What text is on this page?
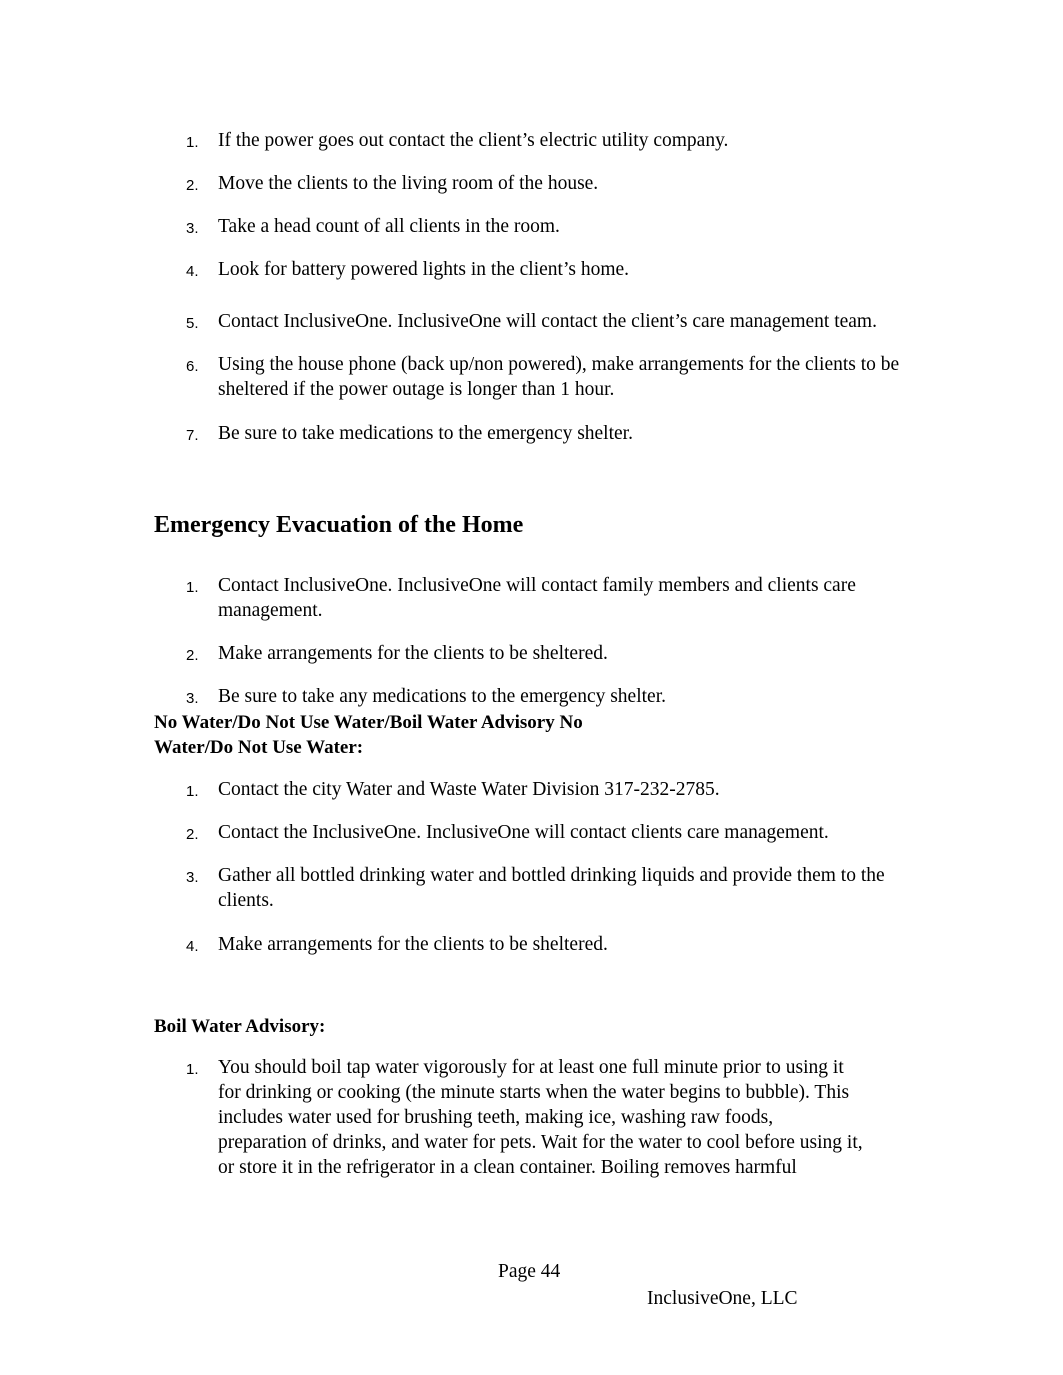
1. If the power goes out contact the client’s electric utility company.
2. Move the clients to the living room of the house.
3. Take a head count of all clients in the room.
4. Look for battery powered lights in the client’s home.
5. Contact InclusiveOne. InclusiveOne will contact the client’s care management team.
6. Using the house phone (back up/non powered), make arrangements for the clients to be
sheltered if the power outage is longer than 1 hour.
7. Be sure to take medications to the emergency shelter.
Emergency Evacuation of the Home
1. Contact InclusiveOne. InclusiveOne will contact family members and clients care
management.
2. Make arrangements for the clients to be sheltered.
3. Be sure to take any medications to the emergency shelter.
No Water/Do Not Use Water/Boil Water Advisory No
Water/Do Not Use Water:
1. Contact the city Water and Waste Water Division 317-232-2785.
2. Contact the InclusiveOne. InclusiveOne will contact clients care management.
3. Gather all bottled drinking water and bottled drinking liquids and provide them to the
clients.
4. Make arrangements for the clients to be sheltered.
Boil Water Advisory:
1. You should boil tap water vigorously for at least one full minute prior to using it
for drinking or cooking (the minute starts when the water begins to bubble). This
includes water used for brushing teeth, making ice, washing raw foods,
preparation of drinks, and water for pets. Wait for the water to cool before using it,
or store it in the refrigerator in a clean container. Boiling removes harmful
Page 44
InclusiveOne, LLC
